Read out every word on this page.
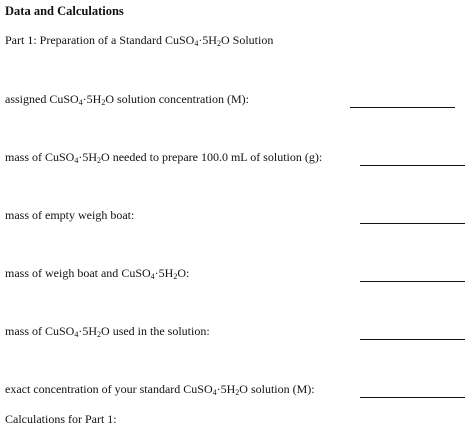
Data and Calculations
Part 1: Preparation of a Standard $CuSO_4\cdot 5H_2O$ Solution
assigned $CuSO_4\cdot 5H_2O$ solution concentration (M):
mass of $CuSO_4\cdot 5H_2O$ needed to prepare 100.0 mL of solution (g):
mass of empty weigh boat:
mass of weigh boat and $CuSO_4\cdot 5H_2O$:
mass of $CuSO_4\cdot 5H_2O$ used in the solution:
exact concentration of your standard $CuSO_4\cdot 5H_2O$ solution (M):
Calculations for Part 1:
